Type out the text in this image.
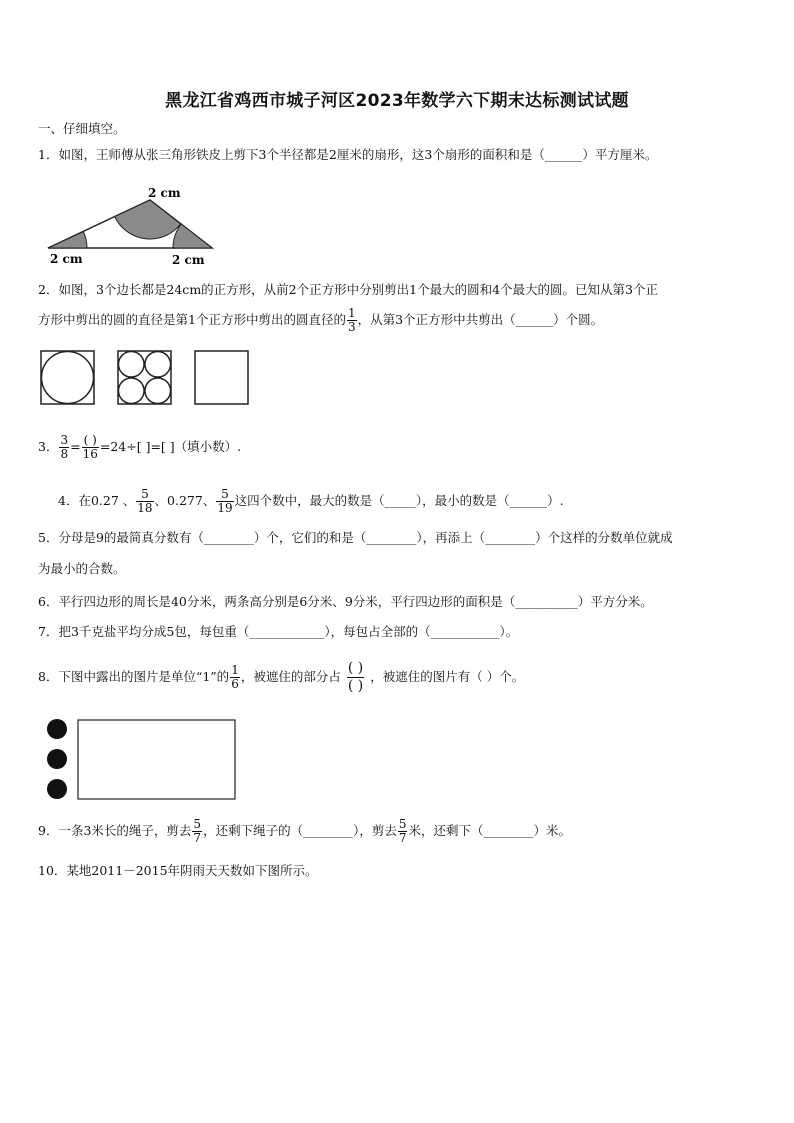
黑龙江省鸡西市城子河区2023年数学六下期末达标测试试题
一、仔细填空。
1．如图，王师傅从张三角形铁皮上剪下3个半径都是2厘米的扇形，这3个扇形的面积和是（______）平方厘米。
2 cm
2 cm	2 cm
2．如图，3个边长都是24cm的正方形，从前2个正方形中分别剪出1个最大的圆和4个最大的圆。已知从第3个正
方形中剪出的圆的直径是第1个正方形中剪出的圆直径的 $\frac{1}{3}$ ，从第3个正方形中共剪出（______）个圆。
3． $\frac{3}{8} = \frac{( )}{16} =24\div$[ ]=[ ]（填小数）.
4．在0.27 、 $\frac{5}{18}$ 、0.277、 $\frac{5}{19}$ 这四个数中，最大的数是（_____），最小的数是（______）.
5．分母是9的最简真分数有（________）个，它们的和是（________），再添上（________）个这样的分数单位就成
为最小的合数。
6．平行四边形的周长是40分米，两条高分别是6分米、9分米，平行四边形的面积是（__________）平方分米。
7．把3千克盐平均分成5包，每包重（____________），每包占全部的（___________）。
8．下图中露出的图片是单位“1”的 $\frac{1}{6}$ ，被遮住的部分占 $\frac{( )}{( )}$ ，被遮住的图片有（ ）个。
9．一条3米长的绳子，剪去 $\frac{5}{7}$ ，还剩下绳子的（________），剪去 $\frac{5}{7}$ 米，还剩下（________）米。
10．某地2011－2015年阴雨天天数如下图所示。
